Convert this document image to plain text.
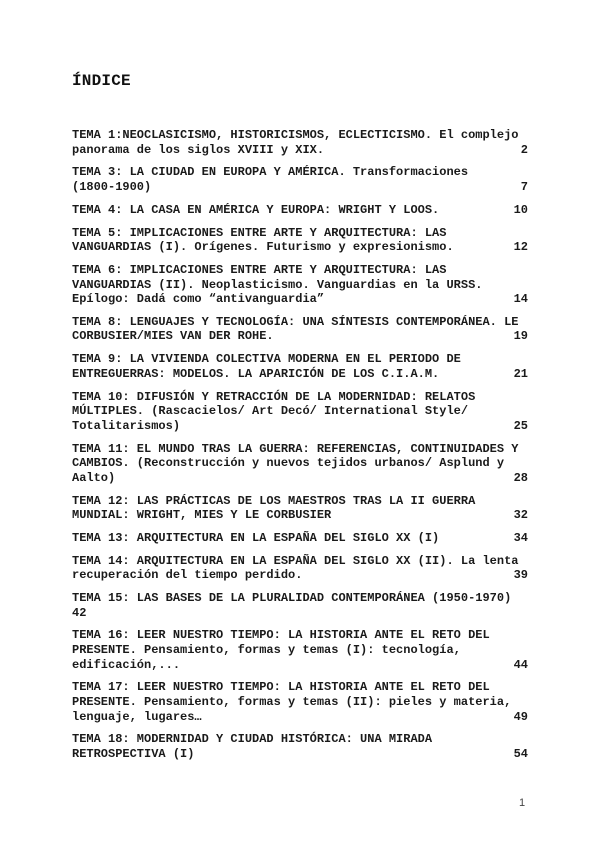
ÍNDICE
TEMA 1:NEOCLASICISMO, HISTORICISMOS, ECLECTICISMO. El complejo
panorama de los siglos XVIII y XIX.	2
TEMA 3: LA CIUDAD EN EUROPA Y AMÉRICA. Transformaciones
(1800-1900)	7
TEMA 4: LA CASA EN AMÉRICA Y EUROPA: WRIGHT Y LOOS.	10
TEMA 5: IMPLICACIONES ENTRE ARTE Y ARQUITECTURA: LAS
VANGUARDIAS (I). Orígenes. Futurismo y expresionismo.	12
TEMA 6: IMPLICACIONES ENTRE ARTE Y ARQUITECTURA: LAS
VANGUARDIAS (II). Neoplasticismo. Vanguardias en la URSS.
Epílogo: Dadá como “antivanguardia”	14
TEMA 8: LENGUAJES Y TECNOLOGÍA: UNA SÍNTESIS CONTEMPORÁNEA. LE
CORBUSIER/MIES VAN DER ROHE.	19
TEMA 9: LA VIVIENDA COLECTIVA MODERNA EN EL PERIODO DE
ENTREGUERRAS: MODELOS. LA APARICIÓN DE LOS C.I.A.M.	21
TEMA 10: DIFUSIÓN Y RETRACCIÓN DE LA MODERNIDAD: RELATOS
MÚLTIPLES. (Rascacielos/ Art Decó/ International Style/
Totalitarismos)	25
TEMA 11: EL MUNDO TRAS LA GUERRA: REFERENCIAS, CONTINUIDADES Y
CAMBIOS. (Reconstrucción y nuevos tejidos urbanos/ Asplund y
Aalto)	28
TEMA 12: LAS PRÁCTICAS DE LOS MAESTROS TRAS LA II GUERRA
MUNDIAL: WRIGHT, MIES Y LE CORBUSIER	32
TEMA 13: ARQUITECTURA EN LA ESPAÑA DEL SIGLO XX (I)	34
TEMA 14: ARQUITECTURA EN LA ESPAÑA DEL SIGLO XX (II). La lenta
recuperación del tiempo perdido.	39
TEMA 15: LAS BASES DE LA PLURALIDAD CONTEMPORÁNEA (1950-1970)
42
TEMA 16: LEER NUESTRO TIEMPO: LA HISTORIA ANTE EL RETO DEL
PRESENTE. Pensamiento, formas y temas (I): tecnología,
edificación,...	44
TEMA 17: LEER NUESTRO TIEMPO: LA HISTORIA ANTE EL RETO DEL
PRESENTE. Pensamiento, formas y temas (II): pieles y materia,
lenguaje, lugares…	49
TEMA 18: MODERNIDAD Y CIUDAD HISTÓRICA: UNA MIRADA
RETROSPECTIVA (I)	54
1
